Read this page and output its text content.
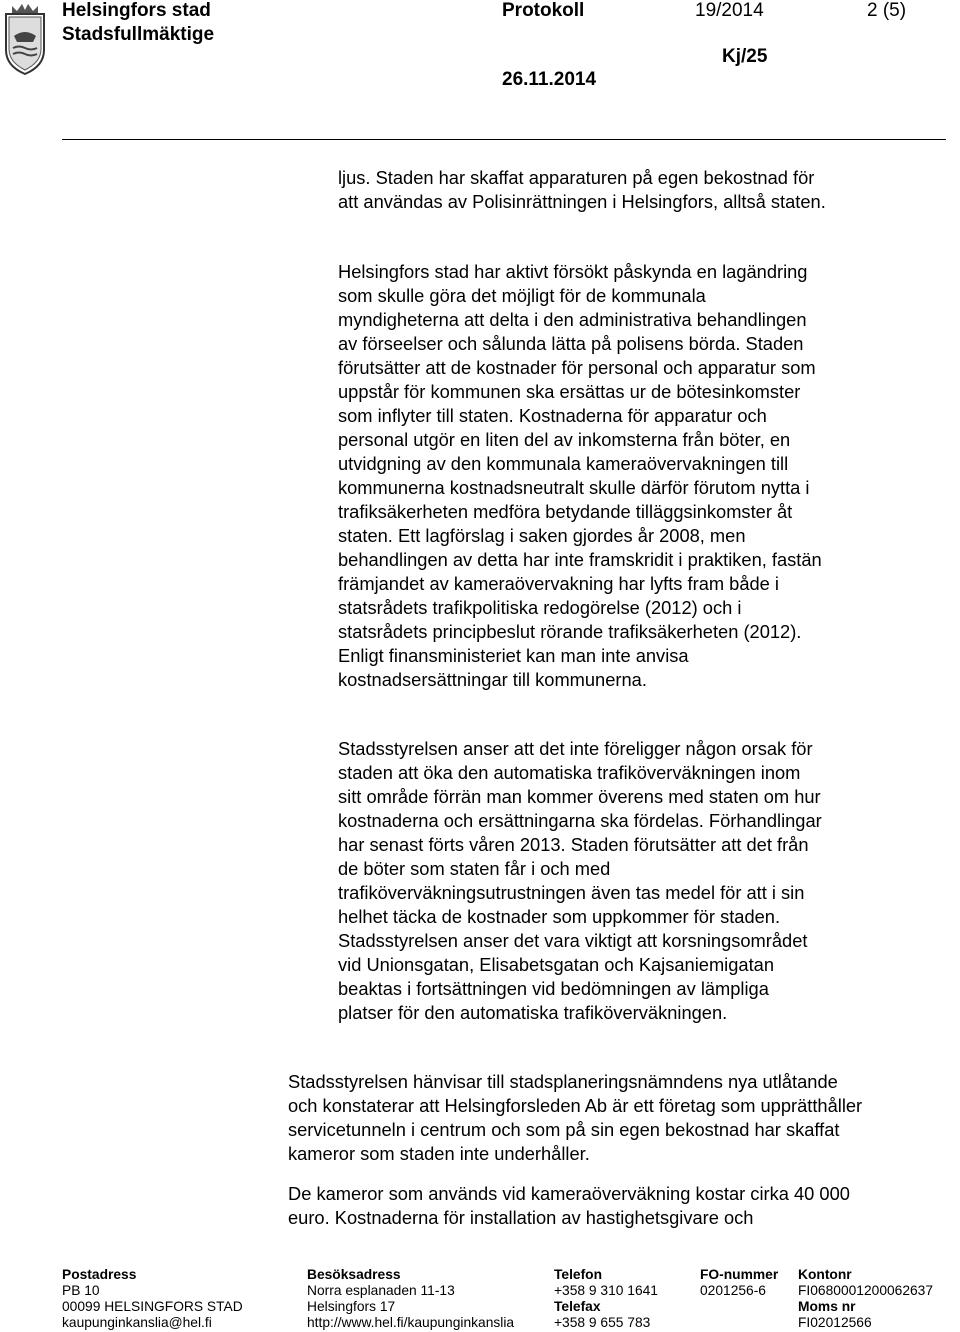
Helsingfors stad
Stadsfullmäktige
Protokoll	19/2014	2 (5)
Kj/25
26.11.2014
ljus. Staden har skaffat apparaturen på egen bekostnad för
att användas av Polisinrättningen i Helsingfors, alltså staten.
Helsingfors stad har aktivt försökt påskynda en lagändring
som skulle göra det möjligt för de kommunala
myndigheterna att delta i den administrativa behandlingen
av förseelser och sålunda lätta på polisens börda. Staden
förutsätter att de kostnader för personal och apparatur som
uppstår för kommunen ska ersättas ur de bötesinkomster
som inflyter till staten. Kostnaderna för apparatur och
personal utgör en liten del av inkomsterna från böter, en
utvidgning av den kommunala kameraövervakningen till
kommunerna kostnadsneutralt skulle därför förutom nytta i
trafiksäkerheten medföra betydande tilläggsinkomster åt
staten. Ett lagförslag i saken gjordes år 2008, men
behandlingen av detta har inte framskridit i praktiken, fastän
främjandet av kameraövervakning har lyfts fram både i
statsrådets trafikpolitiska redogörelse (2012) och i
statsrådets principbeslut rörande trafiksäkerheten (2012).
Enligt finansministeriet kan man inte anvisa
kostnadsersättningar till kommunerna.
Stadsstyrelsen anser att det inte föreligger någon orsak för
staden att öka den automatiska trafiköverväkningen inom
sitt område förrän man kommer överens med staten om hur
kostnaderna och ersättningarna ska fördelas. Förhandlingar
har senast förts våren 2013. Staden förutsätter att det från
de böter som staten får i och med
trafiköverväkningsutrustningen även tas medel för att i sin
helhet täcka de kostnader som uppkommer för staden.
Stadsstyrelsen anser det vara viktigt att korsningsområdet
vid Unionsgatan, Elisabetsgatan och Kajsaniemigatan
beaktas i fortsättningen vid bedömningen av lämpliga
platser för den automatiska trafiköverväkningen.
Stadsstyrelsen hänvisar till stadsplaneringsnämndens nya utlåtande
och konstaterar att Helsingforsleden Ab är ett företag som upprätthåller
servicetunneln i centrum och som på sin egen bekostnad har skaffat
kameror som staden inte underhåller.
De kameror som används vid kameraöverväkning kostar cirka 40 000
euro. Kostnaderna för installation av hastighetsgivare och
Postadress
PB 10
00099 HELSINGFORS STAD
kaupunginkanslia@hel.fi
Besöksadress
Norra esplanaden 11-13
Helsingfors 17
http://www.hel.fi/kaupunginkanslia
Telefon
+358 9 310 1641
Telefax
+358 9 655 783
FO-nummer
0201256-6
Kontonr
FI0680001200062637
Moms nr
FI02012566
